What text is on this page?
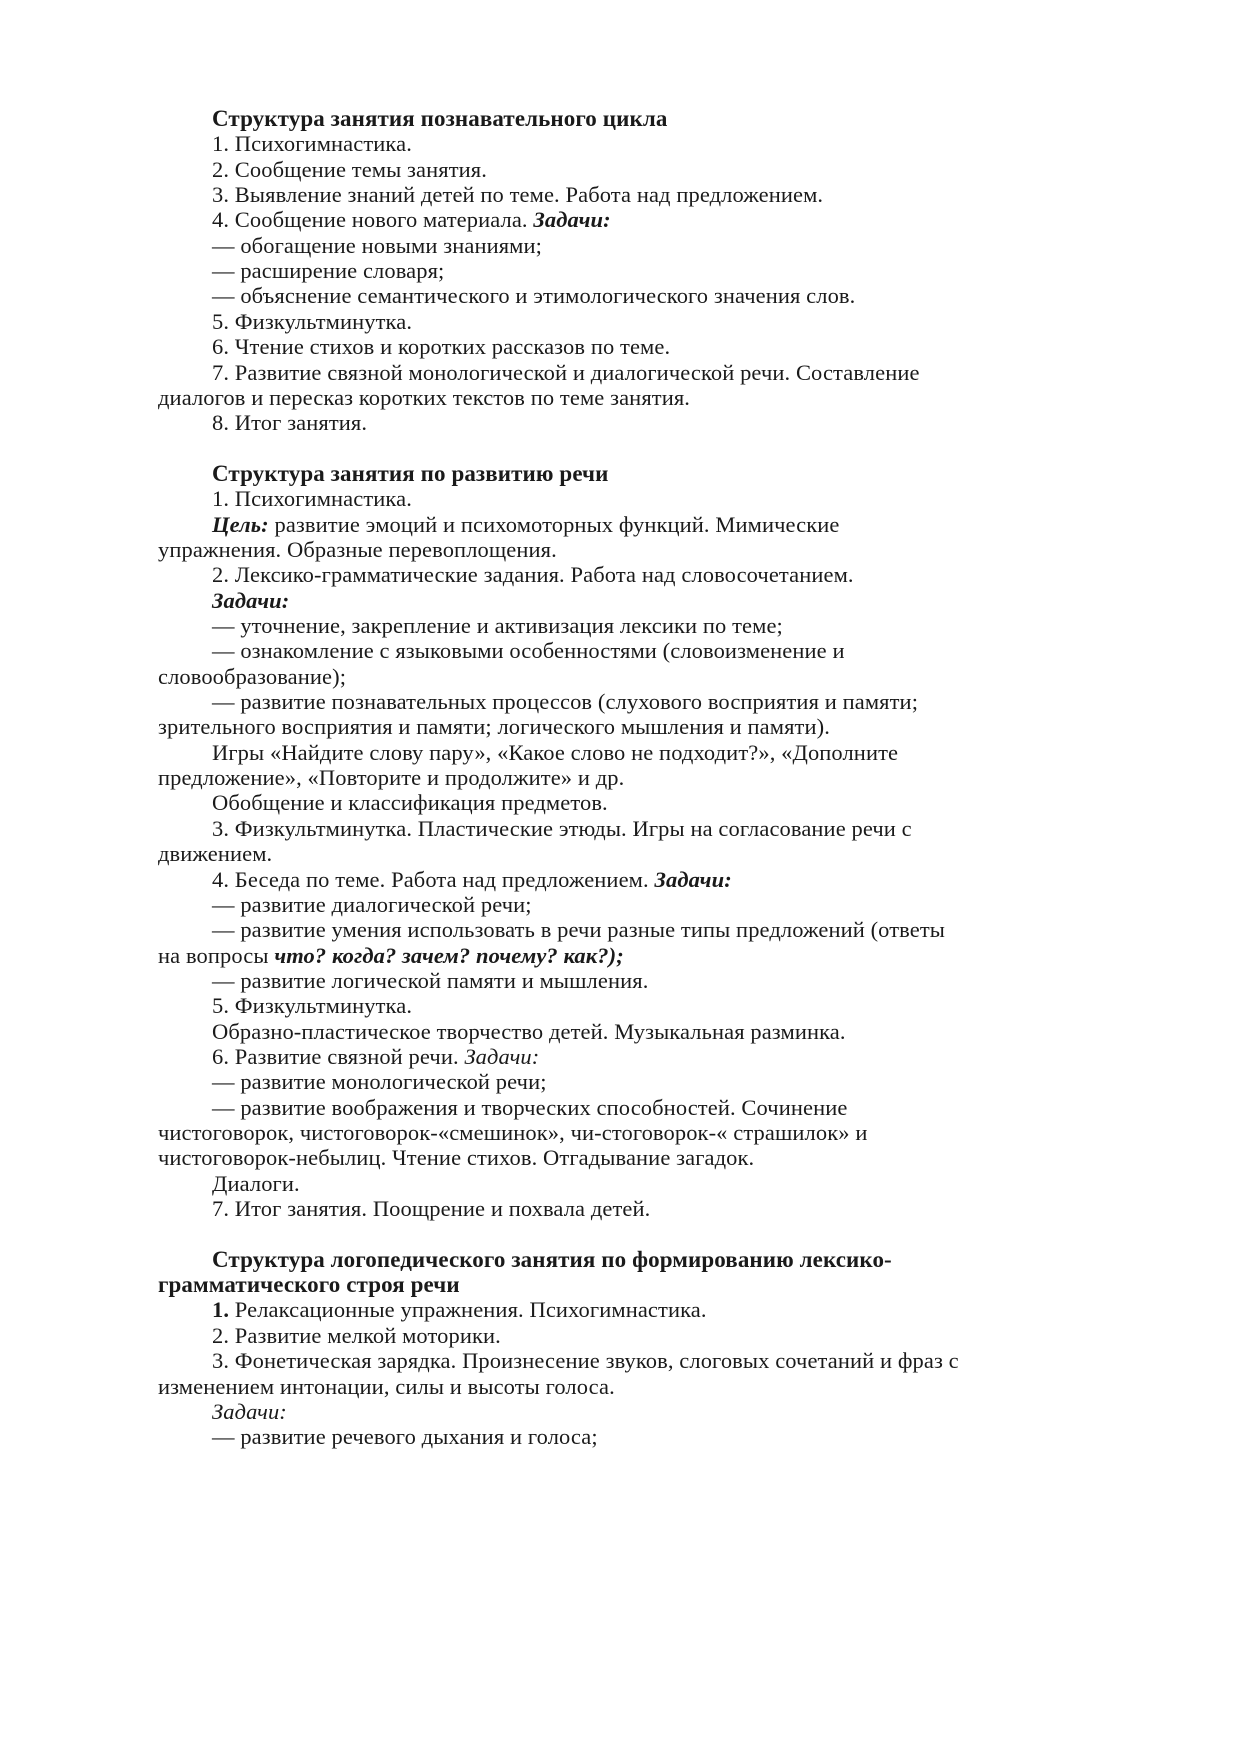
Структура занятия познавательного цикла
1. Психогимнастика.
2. Сообщение темы занятия.
3. Выявление знаний детей по теме. Работа над предложением.
4. Сообщение нового материала. Задачи:
— обогащение новыми знаниями;
— расширение словаря;
— объяснение семантического и этимологического значения слов.
5. Физкультминутка.
6. Чтение стихов и коротких рассказов по теме.
7. Развитие связной монологической и диалогической речи. Составление
диалогов и пересказ коротких текстов по теме занятия.
8. Итог занятия.
Структура занятия по развитию речи
1. Психогимнастика.
Цель: развитие эмоций и психомоторных функций. Мимические
упражнения. Образные перевоплощения.
2. Лексико-грамматические задания. Работа над словосочетанием.
Задачи:
— уточнение, закрепление и активизация лексики по теме;
— ознакомление с языковыми особенностями (словоизменение и
словообразование);
— развитие познавательных процессов (слухового восприятия и памяти;
зрительного восприятия и памяти; логического мышления и памяти).
Игры «Найдите слову пару», «Какое слово не подходит?», «Дополните
предложение», «Повторите и продолжите» и др.
Обобщение и классификация предметов.
3. Физкультминутка. Пластические этюды. Игры на согласование речи с
движением.
4. Беседа по теме. Работа над предложением. Задачи:
— развитие диалогической речи;
— развитие умения использовать в речи разные типы предложений (ответы
на вопросы что? когда? зачем? почему? как?);
— развитие логической памяти и мышления.
5. Физкультминутка.
Образно-пластическое творчество детей. Музыкальная разминка.
6. Развитие связной речи. Задачи:
— развитие монологической речи;
— развитие воображения и творческих способностей. Сочинение
чистоговорок, чистоговорок-«смешинок», чи-стоговорок-« страшилок» и
чистоговорок-небылиц. Чтение стихов. Отгадывание загадок.
Диалоги.
7. Итог занятия. Поощрение и похвала детей.
Структура логопедического занятия по формированию лексико-
грамматического строя речи
1. Релаксационные упражнения. Психогимнастика.
2. Развитие мелкой моторики.
3. Фонетическая зарядка. Произнесение звуков, слоговых сочетаний и фраз с
изменением интонации, силы и высоты голоса.
Задачи:
— развитие речевого дыхания и голоса;
